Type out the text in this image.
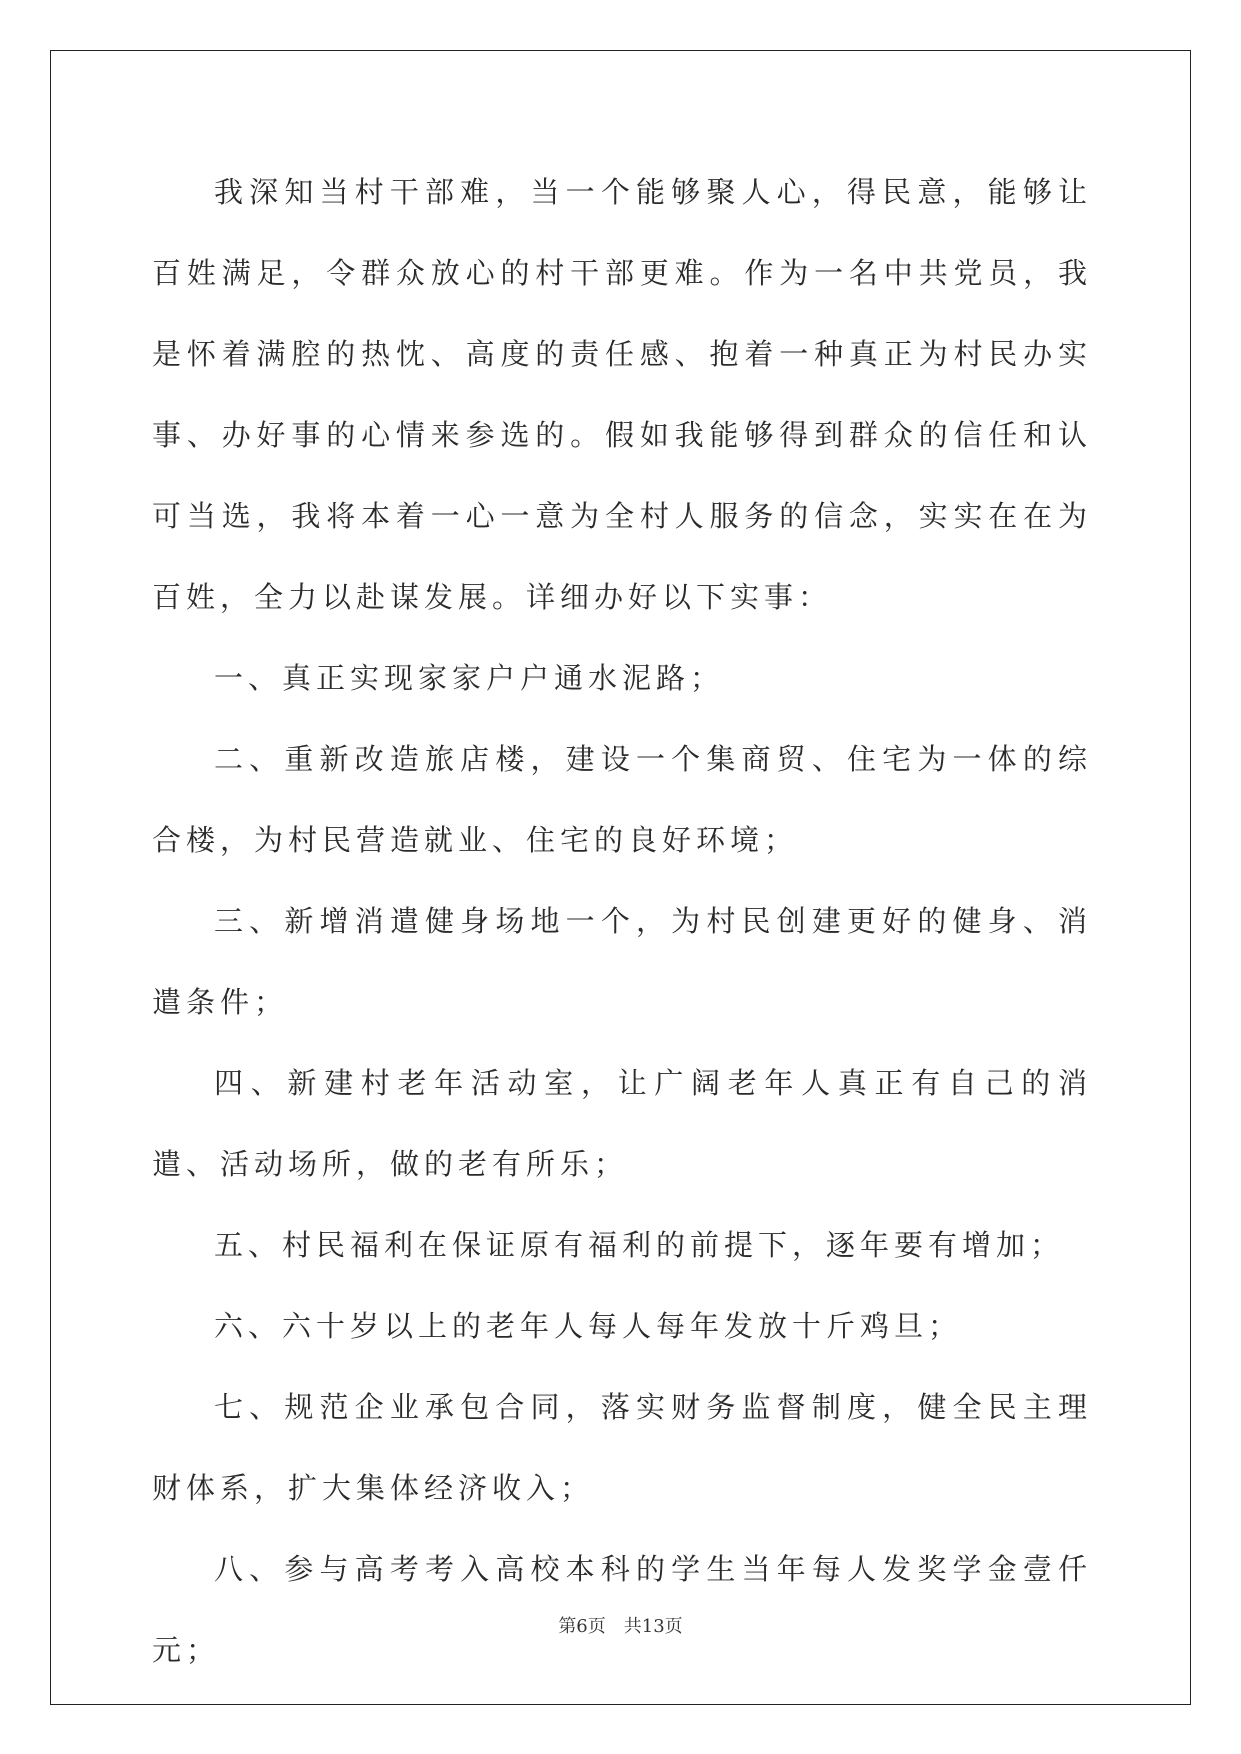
我深知当村干部难，当一个能够聚人心，得民意，能够让百姓满足，令群众放心的村干部更难。作为一名中共党员，我是怀着满腔的热忱、高度的责任感、抱着一种真正为村民办实事、办好事的心情来参选的。假如我能够得到群众的信任和认可当选，我将本着一心一意为全村人服务的信念，实实在在为百姓，全力以赴谋发展。详细办好以下实事：

一、真正实现家家户户通水泥路；

二、重新改造旅店楼，建设一个集商贸、住宅为一体的综合楼，为村民营造就业、住宅的良好环境；

三、新增消遣健身场地一个，为村民创建更好的健身、消遣条件；

四、新建村老年活动室，让广阔老年人真正有自己的消遣、活动场所，做的老有所乐；

五、村民福利在保证原有福利的前提下，逐年要有增加；

六、六十岁以上的老年人每人每年发放十斤鸡旦；

七、规范企业承包合同，落实财务监督制度，健全民主理财体系，扩大集体经济收入；

八、参与高考考入高校本科的学生当年每人发奖学金壹仟元；

第6页 共13页
